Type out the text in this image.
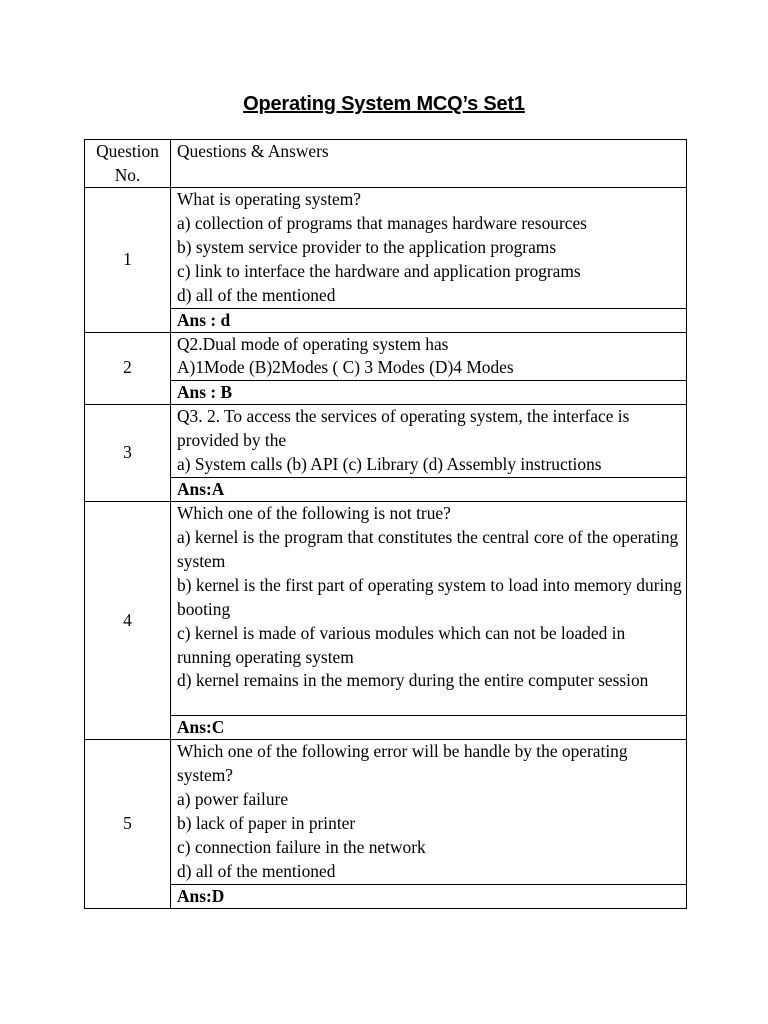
Operating System MCQ’s Set1
Question
No.	Questions & Answers
1	What is operating system?
a) collection of programs that manages hardware resources
b) system service provider to the application programs
c) link to interface the hardware and application programs
d) all of the mentioned

	Ans : d
2	Q2.Dual mode of operating system has
A)1Mode (B)2Modes ( C) 3 Modes (D)4 Modes

	Ans : B
3	Q3. 2. To access the services of operating system, the interface is provided by the
a) System calls (b) API (c) Library (d) Assembly instructions

	Ans:A
4	Which one of the following is not true?
a) kernel is the program that constitutes the central core of the operating system
b) kernel is the first part of operating system to load into memory during booting
c) kernel is made of various modules which can not be loaded in running operating system
d) kernel remains in the memory during the entire computer session

	Ans:C
5	Which one of the following error will be handle by the operating system?
a) power failure
b) lack of paper in printer
c) connection failure in the network
d) all of the mentioned

	Ans:D
